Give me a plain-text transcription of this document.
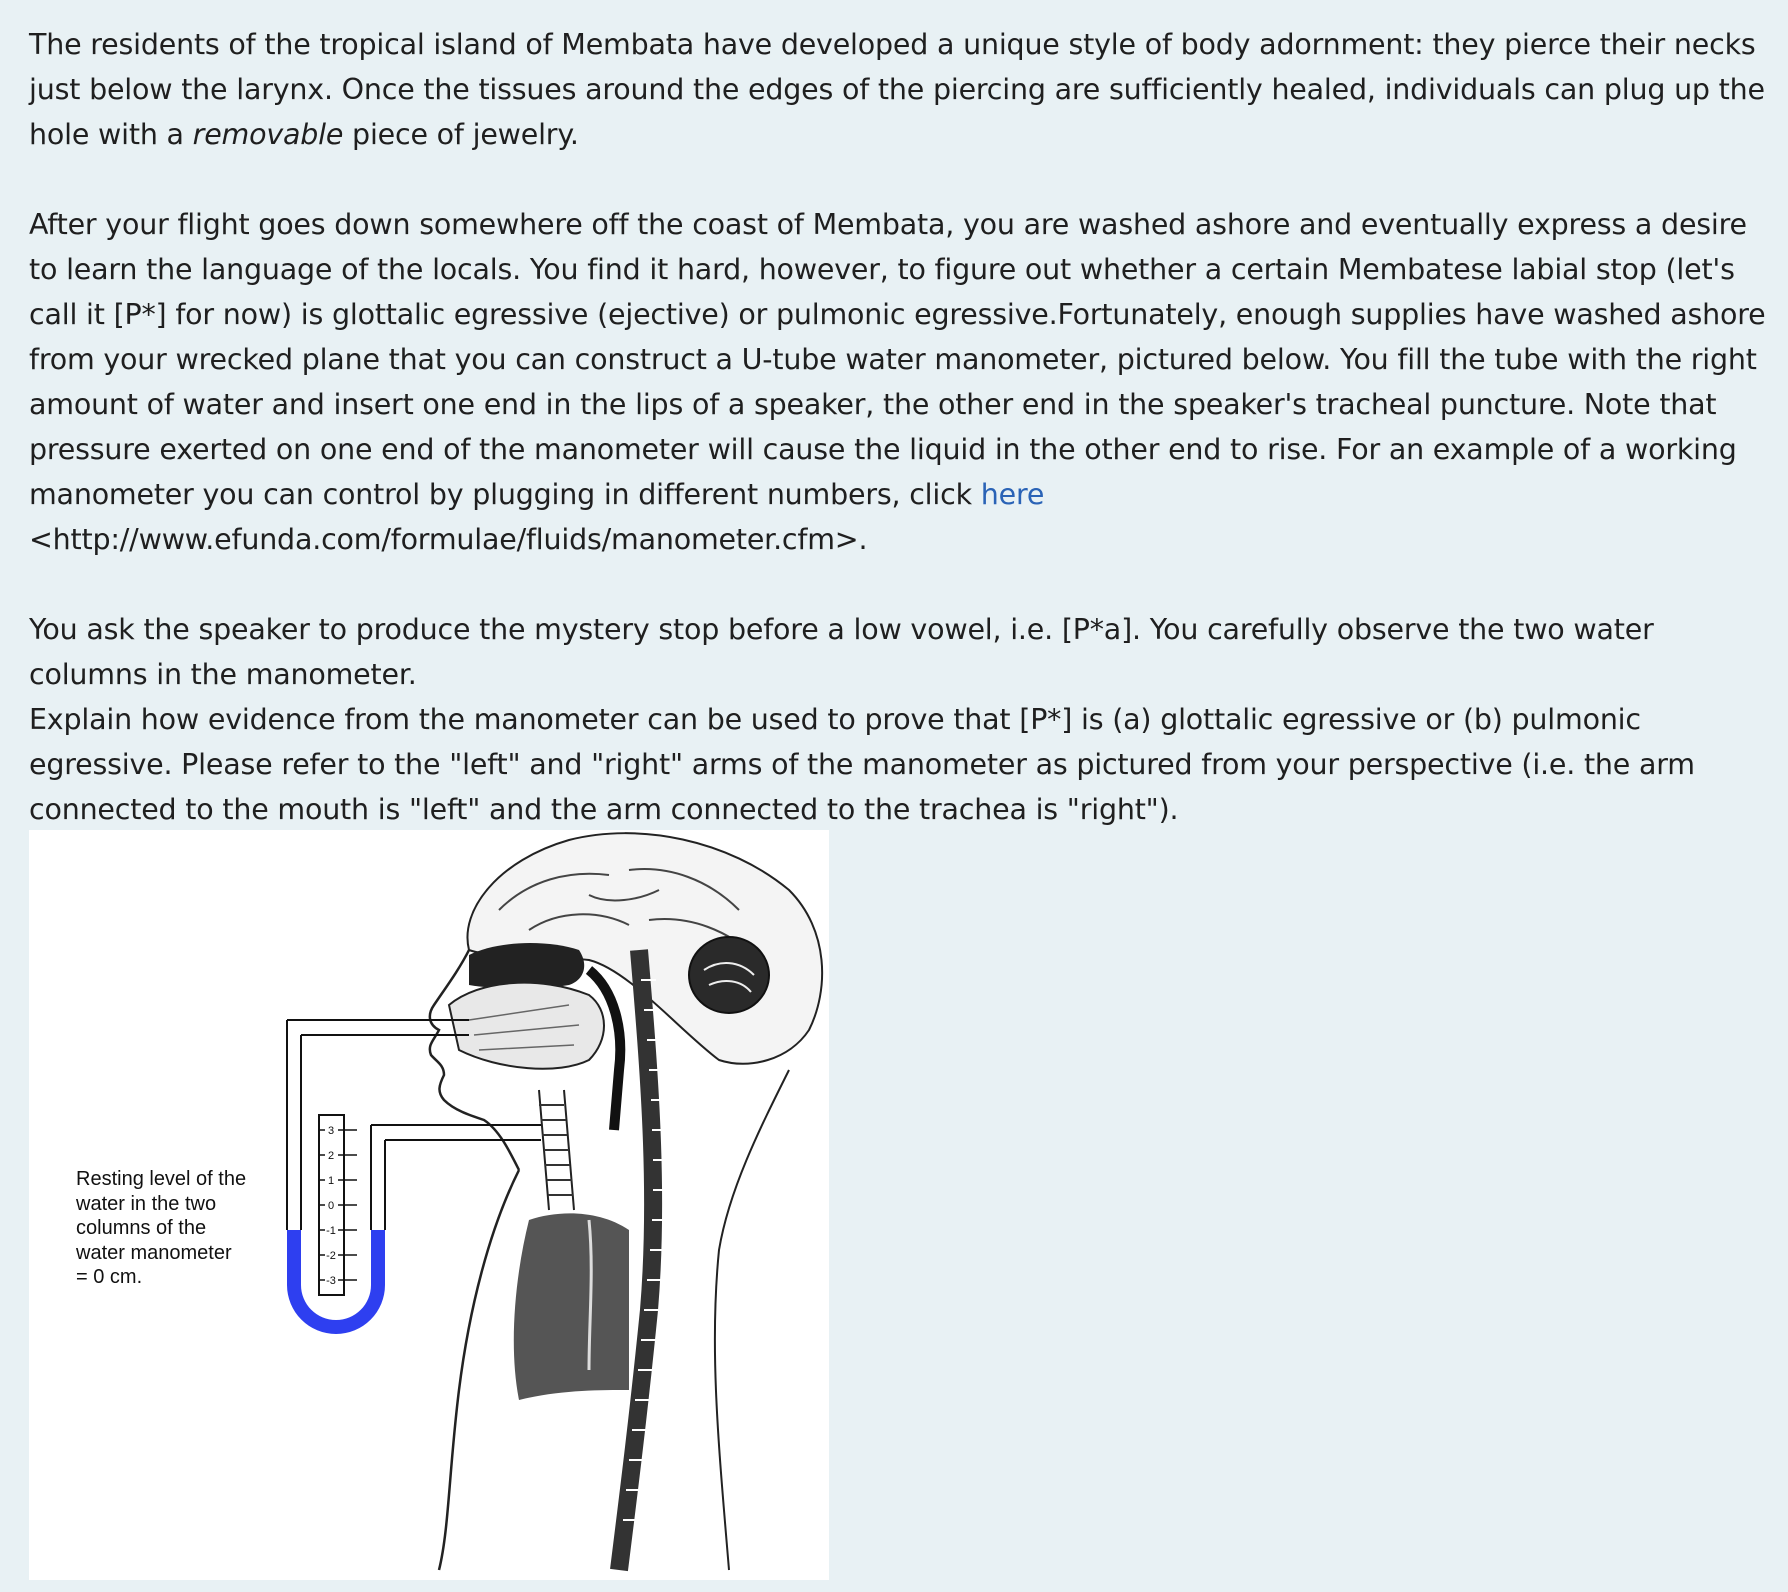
The residents of the tropical island of Membata have developed a unique style of body adornment: they pierce their necks just below the larynx. Once the tissues around the edges of the piercing are sufficiently healed, individuals can plug up the hole with a removable piece of jewelry.

After your flight goes down somewhere off the coast of Membata, you are washed ashore and eventually express a desire to learn the language of the locals. You find it hard, however, to figure out whether a certain Membatese labial stop (let's call it [P*] for now) is glottalic egressive (ejective) or pulmonic egressive.Fortunately, enough supplies have washed ashore from your wrecked plane that you can construct a U-tube water manometer, pictured below. You fill the tube with the right amount of water and insert one end in the lips of a speaker, the other end in the speaker's tracheal puncture. Note that pressure exerted on one end of the manometer will cause the liquid in the other end to rise. For an example of a working manometer you can control by plugging in different numbers, click here <http://www.efunda.com/formulae/fluids/manometer.cfm>.

You ask the speaker to produce the mystery stop before a low vowel, i.e. [P*a]. You carefully observe the two water columns in the manometer.

Explain how evidence from the manometer can be used to prove that [P*] is (a) glottalic egressive or (b) pulmonic egressive. Please refer to the "left" and "right" arms of the manometer as pictured from your perspective (i.e. the arm connected to the mouth is "left" and the arm connected to the trachea is "right").

3
2
1
0
-1
-2
-3
Resting level of the
water in the two
columns of the
water manometer
= 0 cm.
